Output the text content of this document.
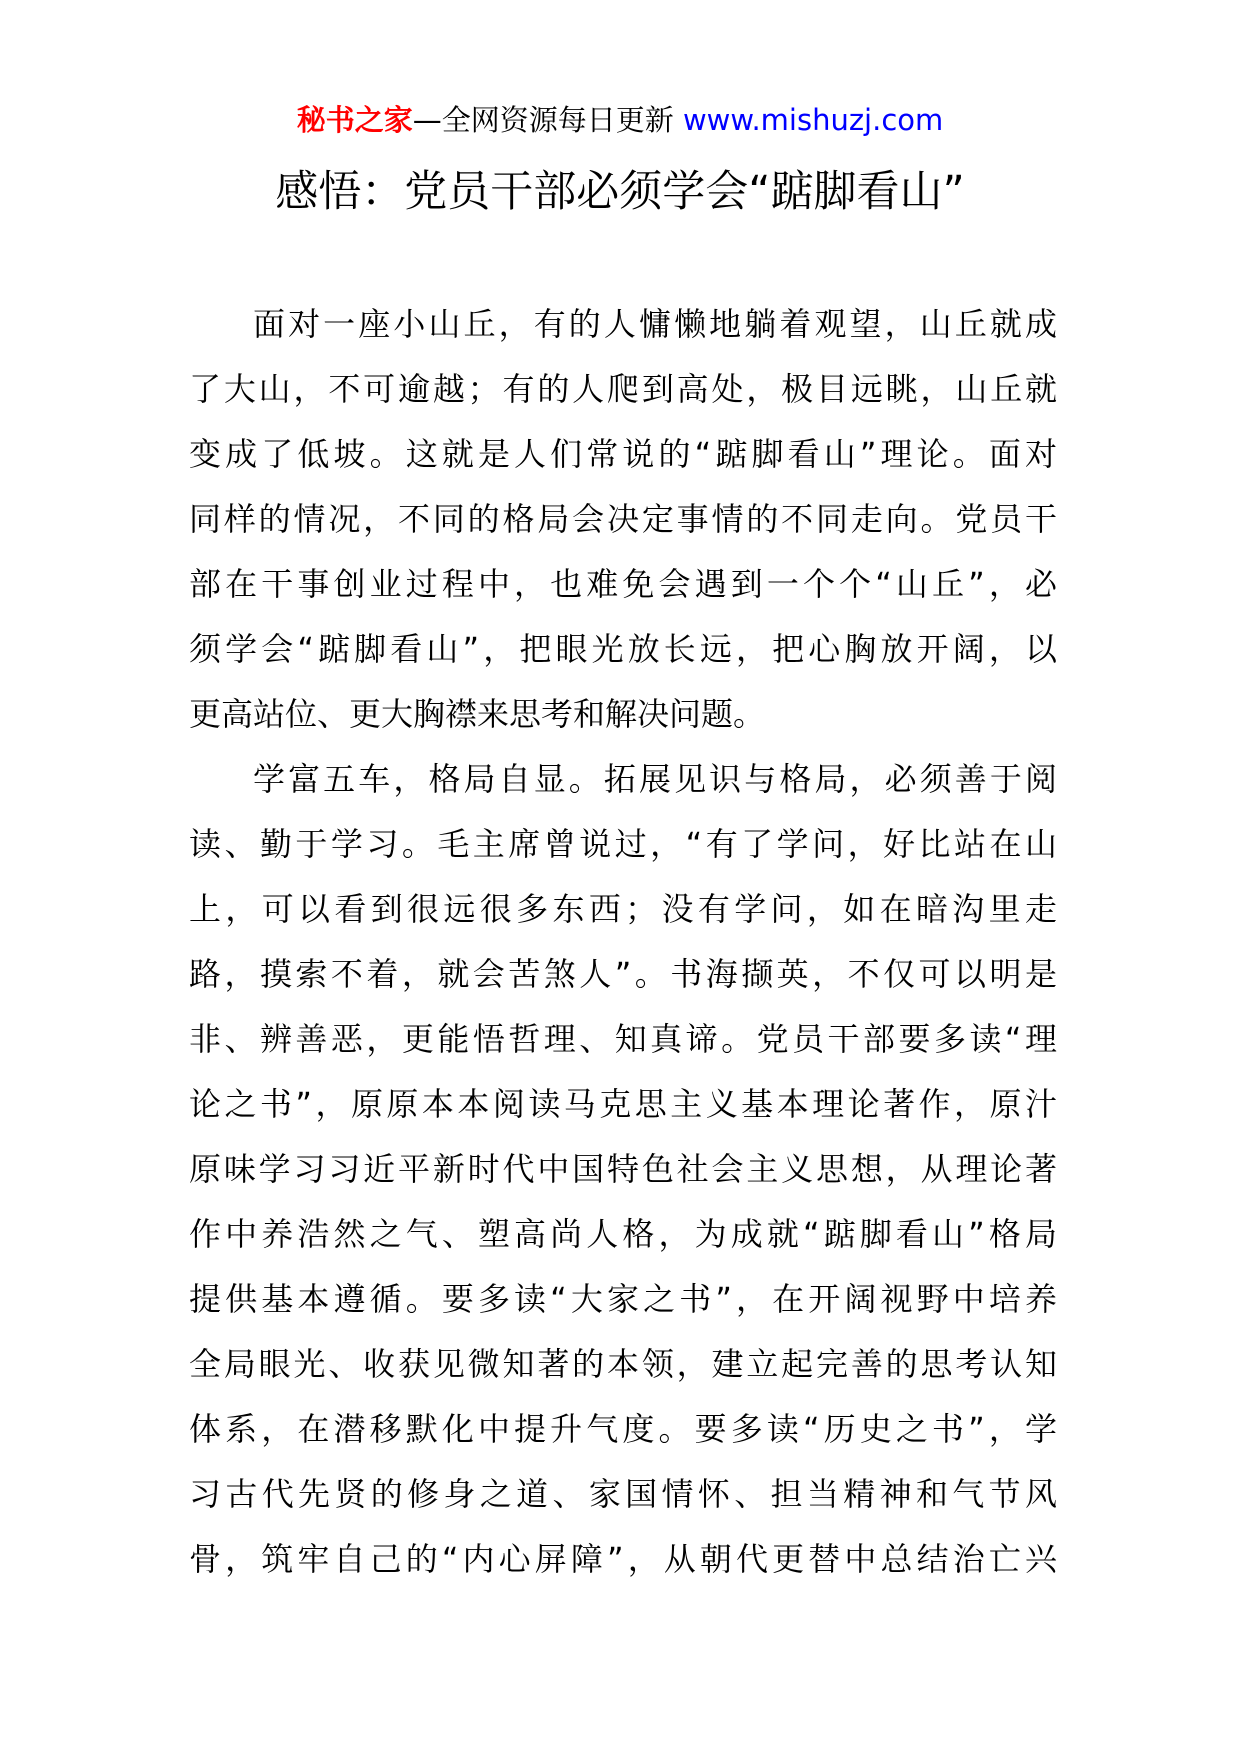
秘书之家—全网资源每日更新 www.mishuzj.com
感悟：党员干部必须学会“踮脚看山”
面对一座小山丘，有的人慵懒地躺着观望，山丘就成
了大山，不可逾越；有的人爬到高处，极目远眺，山丘就
变成了低坡。这就是人们常说的“踮脚看山”理论。面对
同样的情况，不同的格局会决定事情的不同走向。党员干
部在干事创业过程中，也难免会遇到一个个“山丘”，必
须学会“踮脚看山”，把眼光放长远，把心胸放开阔，以
更高站位、更大胸襟来思考和解决问题。
学富五车，格局自显。拓展见识与格局，必须善于阅
读、勤于学习。毛主席曾说过，“有了学问，好比站在山
上，可以看到很远很多东西；没有学问，如在暗沟里走
路，摸索不着，就会苦煞人”。书海撷英，不仅可以明是
非、辨善恶，更能悟哲理、知真谛。党员干部要多读“理
论之书”，原原本本阅读马克思主义基本理论著作，原汁
原味学习习近平新时代中国特色社会主义思想，从理论著
作中养浩然之气、塑高尚人格，为成就“踮脚看山”格局
提供基本遵循。要多读“大家之书”，在开阔视野中培养
全局眼光、收获见微知著的本领，建立起完善的思考认知
体系，在潜移默化中提升气度。要多读“历史之书”，学
习古代先贤的修身之道、家国情怀、担当精神和气节风
骨，筑牢自己的“内心屏障”，从朝代更替中总结治亡兴
